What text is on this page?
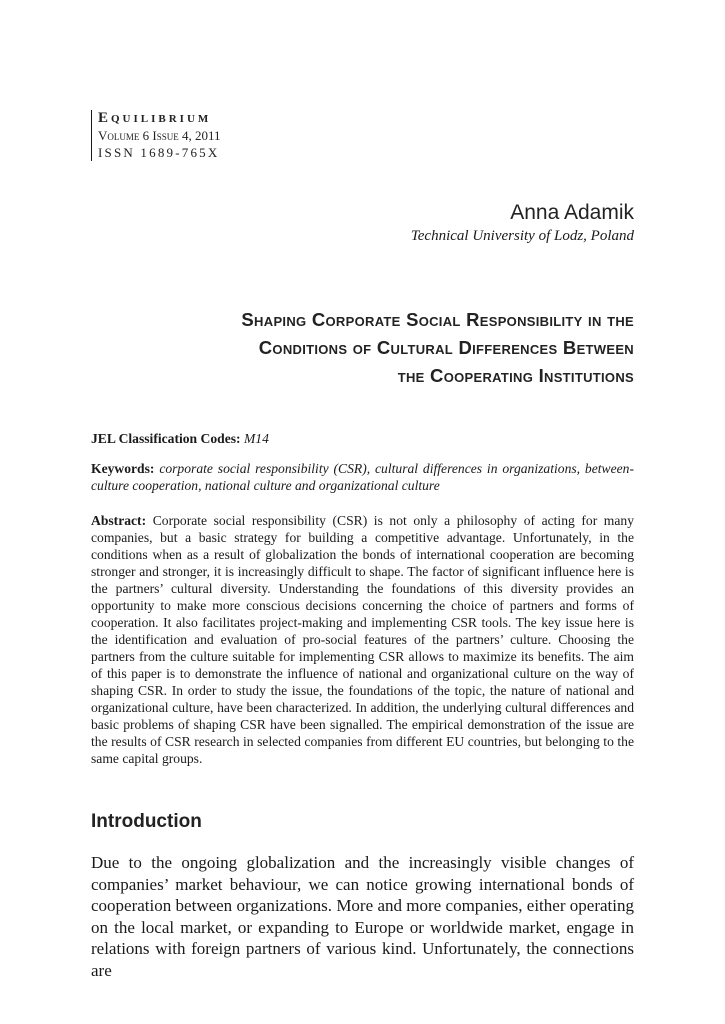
Equilibrium
Volume 6 Issue 4, 2011
ISSN 1689-765X
Anna Adamik
Technical University of Lodz, Poland
Shaping Corporate Social Responsibility in the
Conditions of Cultural Differences Between
the Cooperating Institutions
JEL Classification Codes: M14
Keywords: corporate social responsibility (CSR), cultural differences in organizations, between-culture cooperation, national culture and organizational culture
Abstract: Corporate social responsibility (CSR) is not only a philosophy of acting for many companies, but a basic strategy for building a competitive advantage. Unfortunately, in the conditions when as a result of globalization the bonds of international cooperation are becoming stronger and stronger, it is increasingly difficult to shape. The factor of significant influence here is the partners’ cultural diversity. Understanding the foundations of this diversity provides an opportunity to make more conscious decisions concerning the choice of partners and forms of cooperation. It also facilitates project-making and implementing CSR tools. The key issue here is the identification and evaluation of pro-social features of the partners’ culture. Choosing the partners from the culture suitable for implementing CSR allows to maximize its benefits. The aim of this paper is to demonstrate the influence of national and organizational culture on the way of shaping CSR. In order to study the issue, the foundations of the topic, the nature of national and organizational culture, have been characterized. In addition, the underlying cultural differences and basic problems of shaping CSR have been signalled. The empirical demonstration of the issue are the results of CSR research in selected companies from different EU countries, but belonging to the same capital groups.
Introduction
Due to the ongoing globalization and the increasingly visible changes of companies’ market behaviour, we can notice growing international bonds of cooperation between organizations. More and more companies, either operating on the local market, or expanding to Europe or worldwide market, engage in relations with foreign partners of various kind. Unfortunately, the connections are
